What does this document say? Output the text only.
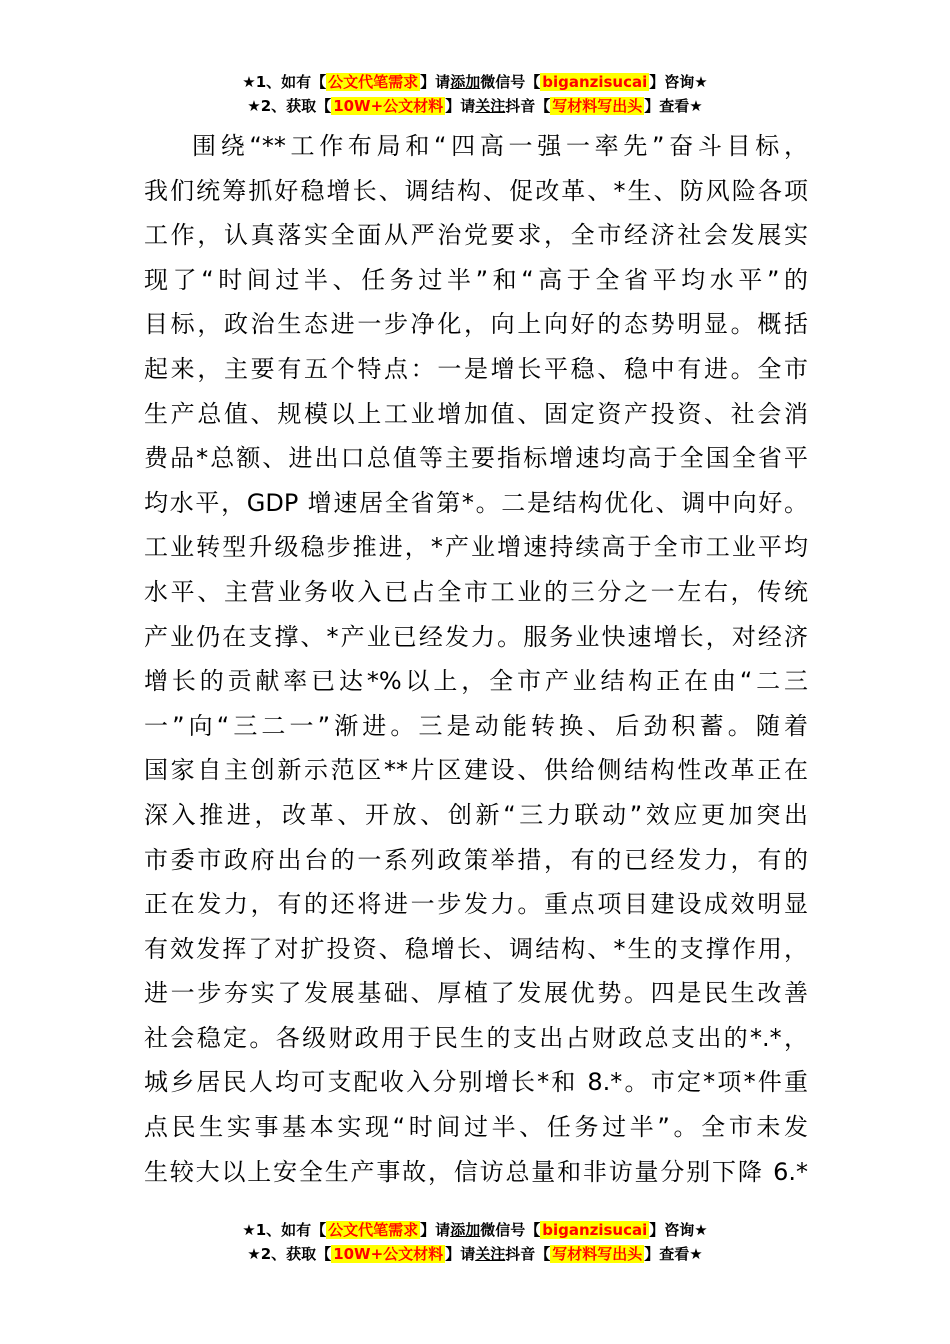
★1、如有【 公文代笔需求 】请添加微信号【 biganzisucai 】咨询★
★2、获取【 10W+公文材料 】请关注抖音【 写材料写出头 】查看★
围绕“**工作布局和“四高一强一率先”奋斗目标，
我们统筹抓好稳增长、调结构、促改革、*生、防风险各项
工作，认真落实全面从严治党要求，全市经济社会发展实
现了“时间过半、任务过半”和“高于全省平均水平”的
目标，政治生态进一步净化，向上向好的态势明显。概括
起来，主要有五个特点：一是增长平稳、稳中有进。全市
生产总值、规模以上工业增加值、固定资产投资、社会消
费品*总额、进出口总值等主要指标增速均高于全国全省平
均水平，GDP 增速居全省第*。二是结构优化、调中向好。
工业转型升级稳步推进，*产业增速持续高于全市工业平均
水平、主营业务收入已占全市工业的三分之一左右，传统
产业仍在支撑、*产业已经发力。服务业快速增长，对经济
增长的贡献率已达*%以上，全市产业结构正在由“二三
一”向“三二一”渐进。三是动能转换、后劲积蓄。随着
国家自主创新示范区**片区建设、供给侧结构性改革正在
深入推进，改革、开放、创新“三力联动”效应更加突出
市委市政府出台的一系列政策举措，有的已经发力，有的
正在发力，有的还将进一步发力。重点项目建设成效明显
有效发挥了对扩投资、稳增长、调结构、*生的支撑作用，
进一步夯实了发展基础、厚植了发展优势。四是民生改善
社会稳定。各级财政用于民生的支出占财政总支出的*.*，
城乡居民人均可支配收入分别增长*和 8.*。市定*项*件重
点民生实事基本实现“时间过半、任务过半”。全市未发
生较大以上安全生产事故，信访总量和非访量分别下降 6.*
★1、如有【 公文代笔需求 】请添加微信号【 biganzisucai 】咨询★
★2、获取【 10W+公文材料 】请关注抖音【 写材料写出头 】查看★
